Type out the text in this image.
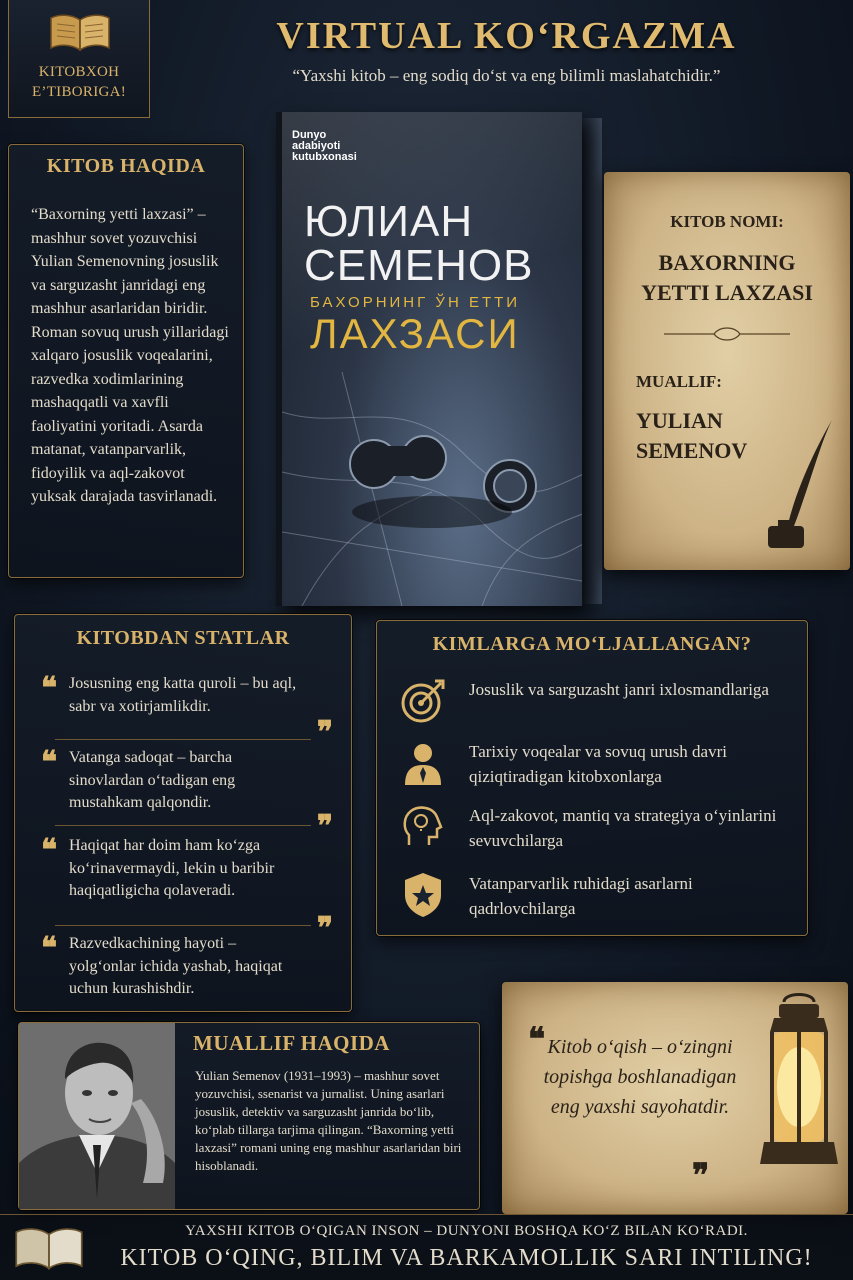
KITOBXOH
E’TIBORIGA!
VIRTUAL KO‘RGAZMA
“Yaxshi kitob – eng sodiq do‘st va eng bilimli maslahatchidir.”
Dunyo
adabiyoti
kutubxonasi
ЮЛИАН
СЕМЕНОВ
БАХОРНИНГ ЎН ЕТТИ
ЛАХЗАСИ
KITOB HAQIDA
“Baxorning yetti laxzasi” – mashhur sovet yozuvchisi Yulian Semenovning josuslik va sarguzasht janridagi eng mashhur asarlaridan biridir. Roman sovuq urush yillaridagi xalqaro josuslik voqealarini, razvedka xodimlarining mashaqqatli va xavfli faoliyatini yoritadi. Asarda matanat, vatanparvarlik, fidoyilik va aql-zakovot yuksak darajada tasvirlanadi.
KITOB NOMI:
BAXORNING
YETTI LAXZASI
MUALLIF:
YULIAN
SEMENOV
KITOBDAN STATLAR
❝ Josusning eng katta quroli – bu aql, sabr va xotirjamlikdir.
❞
❝ Vatanga sadoqat – barcha sinovlardan o‘tadigan eng mustahkam qalqondir.
❞
❝ Haqiqat har doim ham ko‘zga ko‘rinavermaydi, lekin u baribir haqiqatligicha qolaveradi.
❞
❝ Razvedkachining hayoti – yolg‘onlar ichida yashab, haqiqat uchun kurashishdir.
KIMLARGA MO‘LJALLANGAN?
Josuslik va sarguzasht janri ixlosmandlariga
Tarixiy voqealar va sovuq urush davri qiziqtiradigan kitobxonlarga
Aql-zakovot, mantiq va strategiya o‘yinlarini sevuvchilarga
Vatanparvarlik ruhidagi asarlarni qadrlovchilarga
MUALLIF HAQIDA
Yulian Semenov (1931–1993) – mashhur sovet yozuvchisi, ssenarist va jurnalist. Uning asarlari josuslik, detektiv va sarguzasht janrida bo‘lib, ko‘plab tillarga tarjima qilingan. “Baxorning yetti laxzasi” romani uning eng mashhur asarlaridan biri hisoblanadi.
❝ Kitob o‘qish – o‘zingni topishga boshlanadigan eng yaxshi sayohatdir.
❞
YAXSHI KITOB O‘QIGAN INSON – DUNYONI BOSHQA KO‘Z BILAN KO‘RADI.
KITOB O‘QING, BILIM VA BARKAMOLLIK SARI INTILING!
